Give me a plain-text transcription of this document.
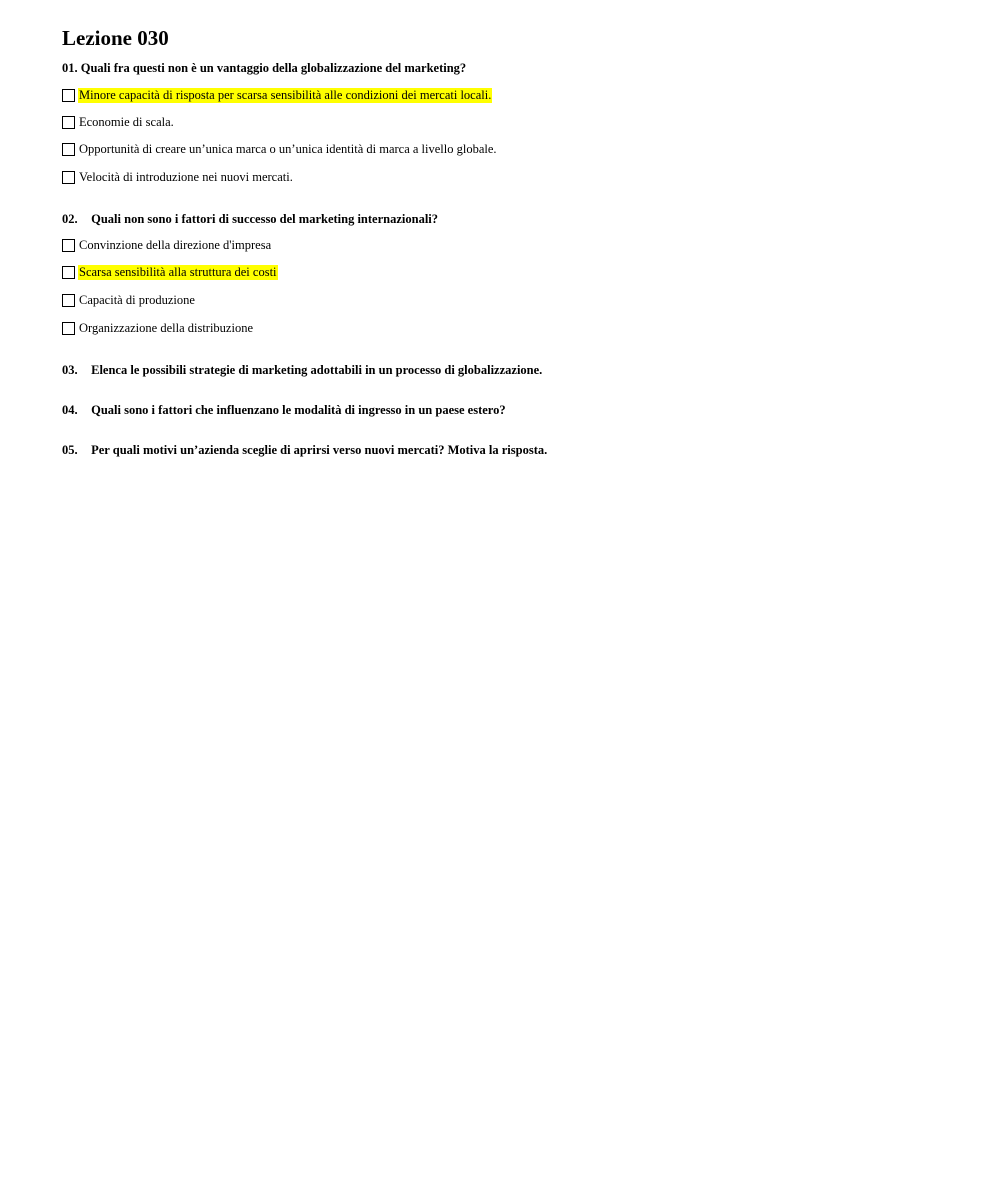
Lezione 030
01. Quali fra questi non è un vantaggio della globalizzazione del marketing?
Minore capacità di risposta per scarsa sensibilità alle condizioni dei mercati locali.
Economie di scala.
Opportunità di creare un’unica marca o un’unica identità di marca a livello globale.
Velocità di introduzione nei nuovi mercati.
02. Quali non sono i fattori di successo del marketing internazionali?
Convinzione della direzione d'impresa
Scarsa sensibilità alla struttura dei costi
Capacità di produzione
Organizzazione della distribuzione
03. Elenca le possibili strategie di marketing adottabili in un processo di globalizzazione.
04. Quali sono i fattori che influenzano le modalità di ingresso in un paese estero?
05. Per quali motivi un’azienda sceglie di aprirsi verso nuovi mercati? Motiva la risposta.
